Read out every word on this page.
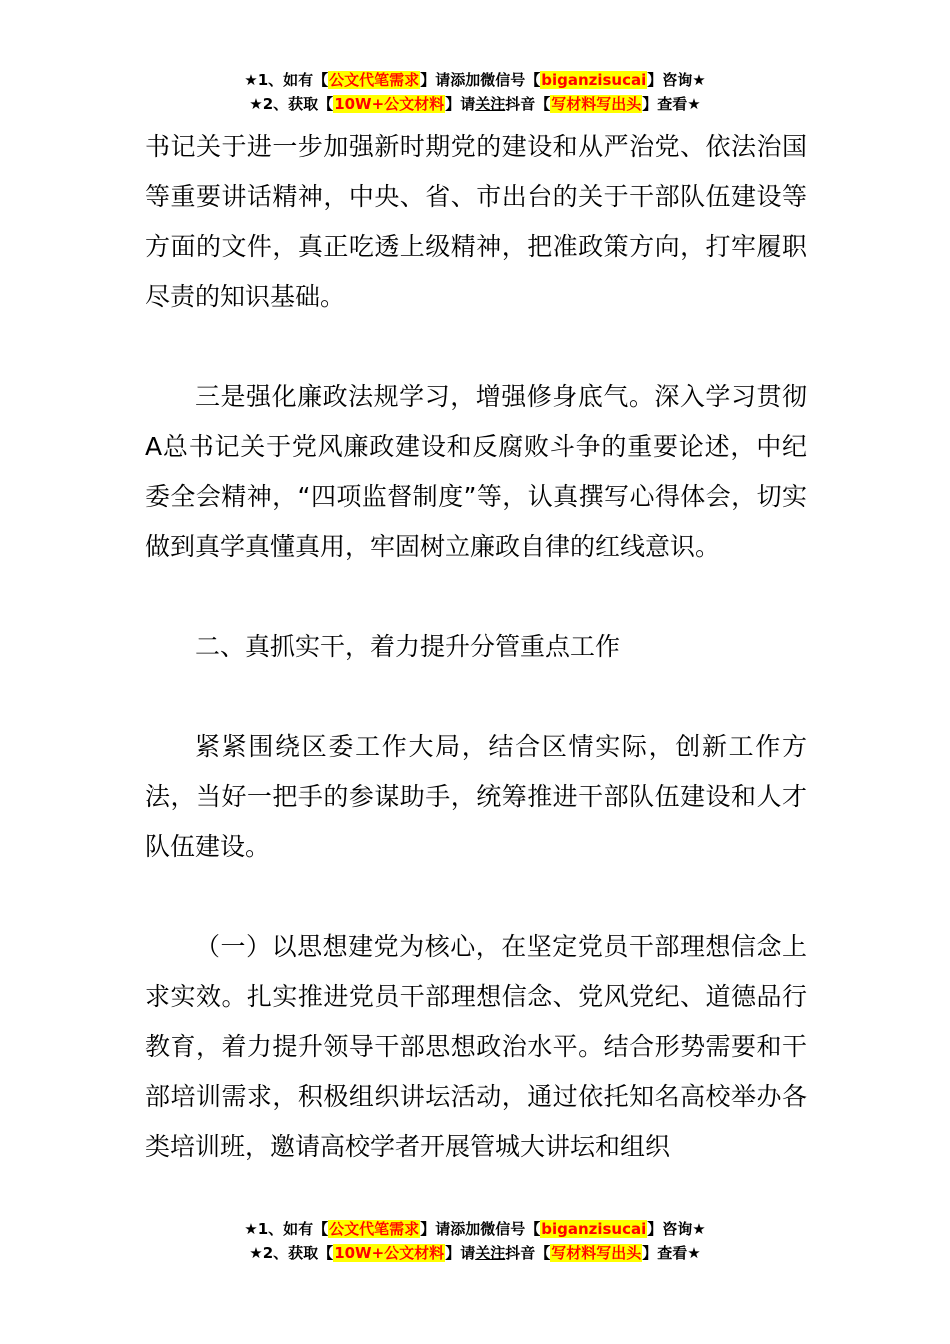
★1、如有【公文代笔需求】请添加微信号【biganzisucai】咨询★
★2、获取【10W+公文材料】请关注抖音【写材料写出头】查看★

书记关于进一步加强新时期党的建设和从严治党、依法治国等重要讲话精神，中央、省、市出台的关于干部队伍建设等方面的文件，真正吃透上级精神，把准政策方向，打牢履职尽责的知识基础。

三是强化廉政法规学习，增强修身底气。深入学习贯彻A总书记关于党风廉政建设和反腐败斗争的重要论述，中纪委全会精神，“四项监督制度”等，认真撰写心得体会，切实做到真学真懂真用，牢固树立廉政自律的红线意识。

二、真抓实干，着力提升分管重点工作

紧紧围绕区委工作大局，结合区情实际，创新工作方法，当好一把手的参谋助手，统筹推进干部队伍建设和人才队伍建设。

（一）以思想建党为核心，在坚定党员干部理想信念上求实效。扎实推进党员干部理想信念、党风党纪、道德品行教育，着力提升领导干部思想政治水平。结合形势需要和干部培训需求，积极组织讲坛活动，通过依托知名高校举办各类培训班，邀请高校学者开展管城大讲坛和组织

★1、如有【公文代笔需求】请添加微信号【biganzisucai】咨询★
★2、获取【10W+公文材料】请关注抖音【写材料写出头】查看★
